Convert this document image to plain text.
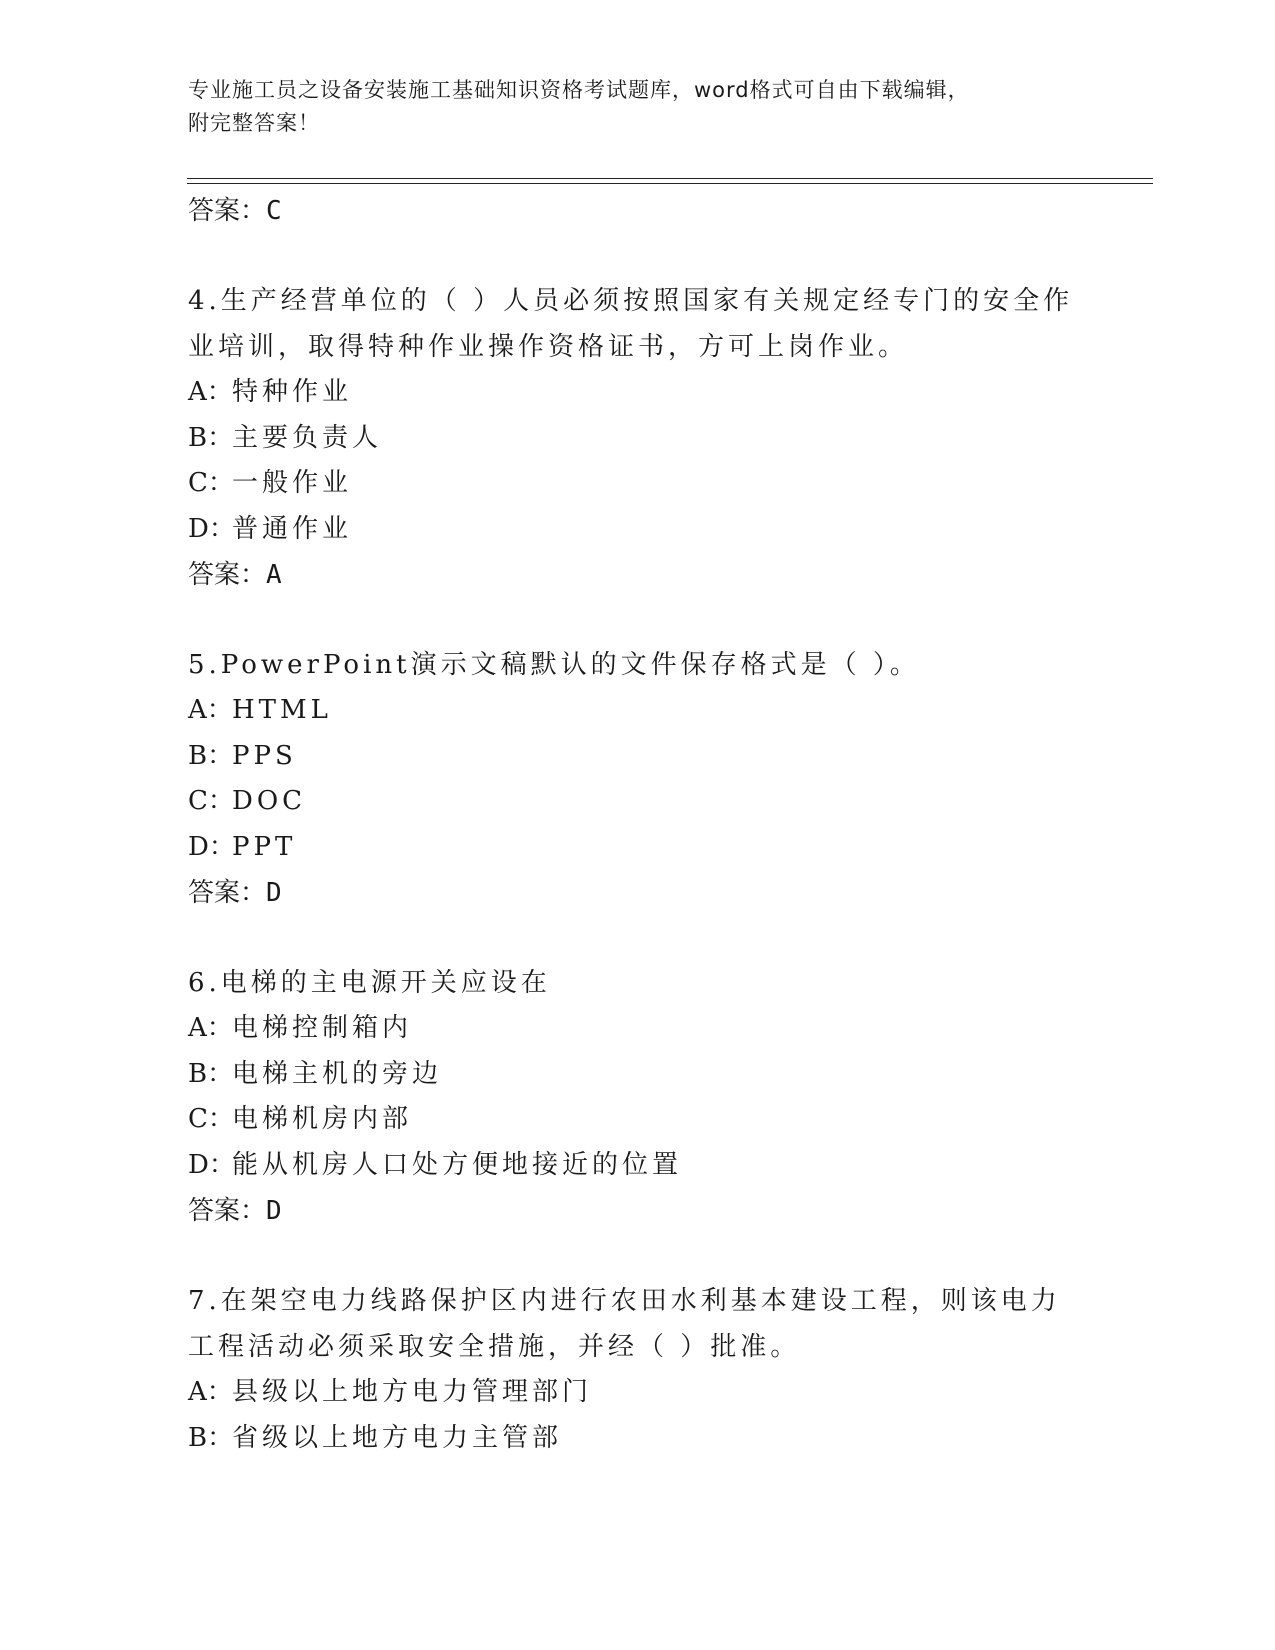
专业施工员之设备安装施工基础知识资格考试题库，word格式可自由下载编辑，
附完整答案！
答案：C
4.生产经营单位的（ ）人员必须按照国家有关规定经专门的安全作业培训，取得特种作业操作资格证书，方可上岗作业。
A：特种作业
B：主要负责人
C：一般作业
D：普通作业
答案：A
5.PowerPoint演示文稿默认的文件保存格式是（ ）。
A：HTML
B：PPS
C：DOC
D：PPT
答案：D
6.电梯的主电源开关应设在
A：电梯控制箱内
B：电梯主机的旁边
C：电梯机房内部
D：能从机房人口处方便地接近的位置
答案：D
7.在架空电力线路保护区内进行农田水利基本建设工程，则该电力工程活动必须采取安全措施，并经（ ）批准。
A：县级以上地方电力管理部门
B：省级以上地方电力主管部
